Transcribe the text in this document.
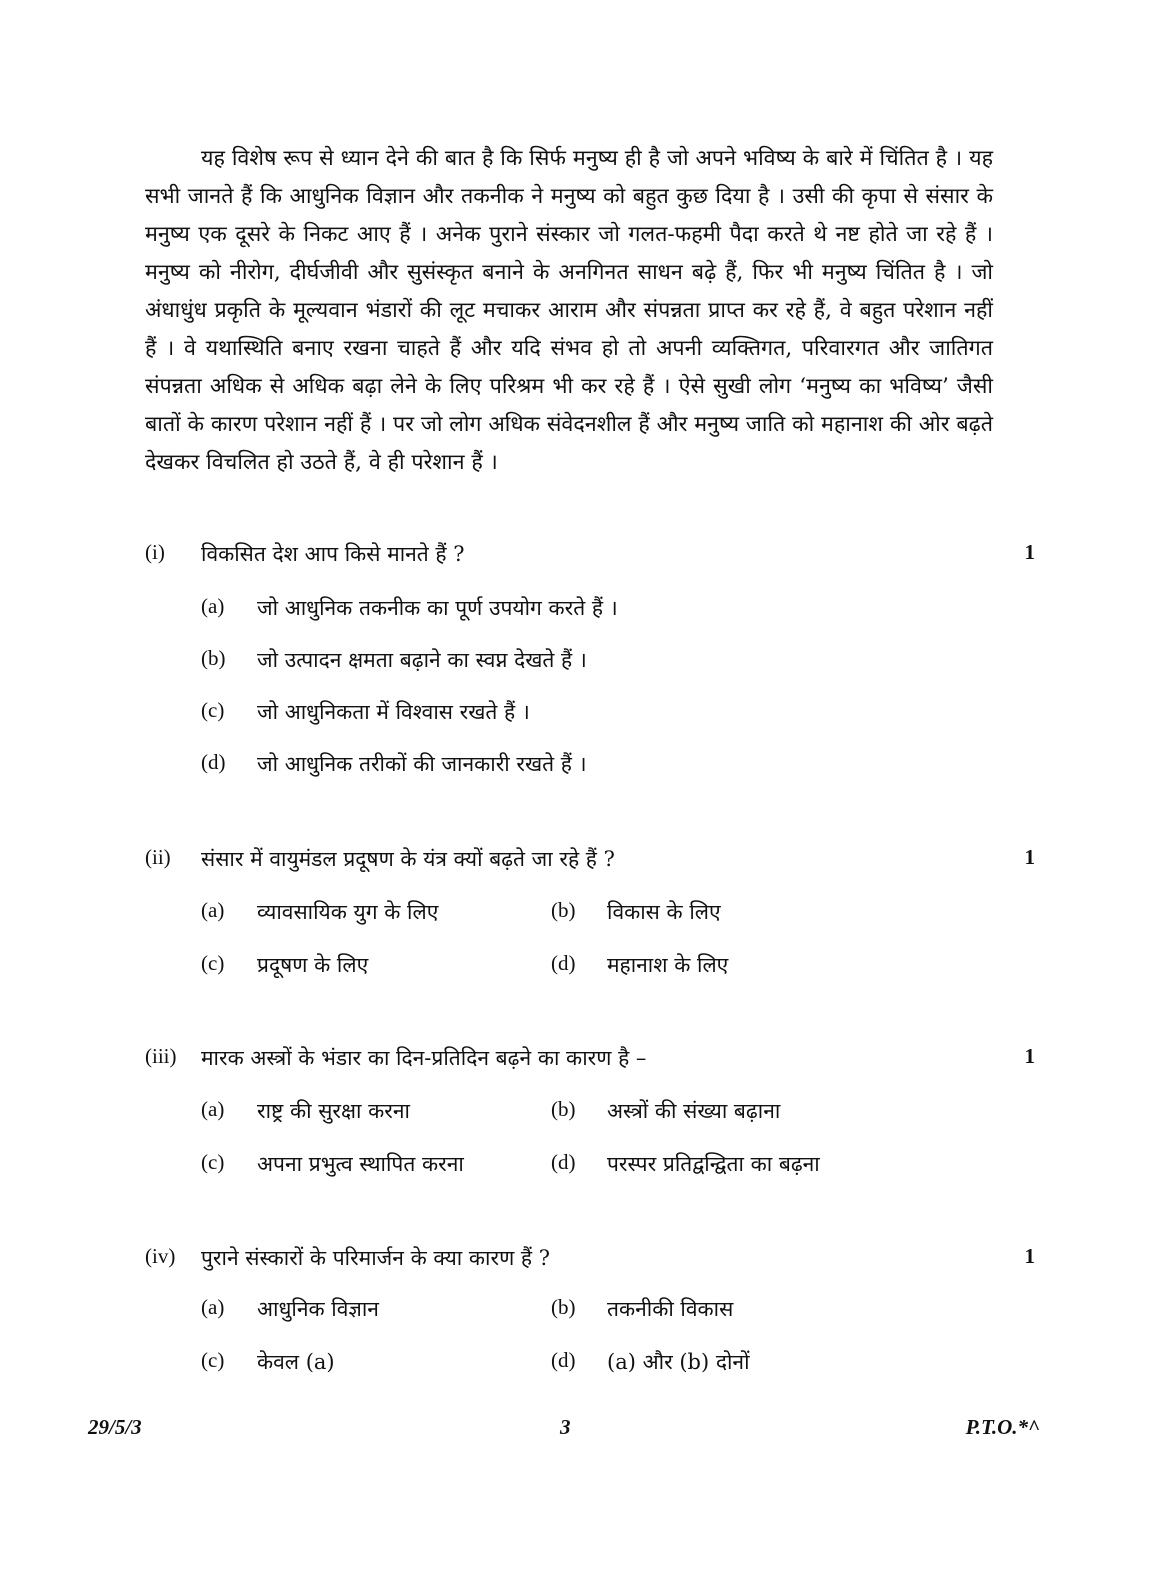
यह विशेष रूप से ध्यान देने की बात है कि सिर्फ मनुष्य ही है जो अपने भविष्य के बारे में चिंतित है । यह सभी जानते हैं कि आधुनिक विज्ञान और तकनीक ने मनुष्य को बहुत कुछ दिया है । उसी की कृपा से संसार के मनुष्य एक दूसरे के निकट आए हैं । अनेक पुराने संस्कार जो गलत-फहमी पैदा करते थे नष्ट होते जा रहे हैं । मनुष्य को नीरोग, दीर्घजीवी और सुसंस्कृत बनाने के अनगिनत साधन बढ़े हैं, फिर भी मनुष्य चिंतित है । जो अंधाधुंध प्रकृति के मूल्यवान भंडारों की लूट मचाकर आराम और संपन्नता प्राप्त कर रहे हैं, वे बहुत परेशान नहीं हैं । वे यथास्थिति बनाए रखना चाहते हैं और यदि संभव हो तो अपनी व्यक्तिगत, परिवारगत और जातिगत संपन्नता अधिक से अधिक बढ़ा लेने के लिए परिश्रम भी कर रहे हैं । ऐसे सुखी लोग ‘मनुष्य का भविष्य’ जैसी बातों के कारण परेशान नहीं हैं । पर जो लोग अधिक संवेदनशील हैं और मनुष्य जाति को महानाश की ओर बढ़ते देखकर विचलित हो उठते हैं, वे ही परेशान हैं ।

(i) विकसित देश आप किसे मानते हैं ?	1
(a) जो आधुनिक तकनीक का पूर्ण उपयोग करते हैं ।
(b) जो उत्पादन क्षमता बढ़ाने का स्वप्न देखते हैं ।
(c) जो आधुनिकता में विश्वास रखते हैं ।
(d) जो आधुनिक तरीकों की जानकारी रखते हैं ।
(ii) संसार में वायुमंडल प्रदूषण के यंत्र क्यों बढ़ते जा रहे हैं ?	1
(a) व्यावसायिक युग के लिए	(b) विकास के लिए
(c) प्रदूषण के लिए	(d) महानाश के लिए
(iii) मारक अस्त्रों के भंडार का दिन-प्रतिदिन बढ़ने का कारण है –	1
(a) राष्ट्र की सुरक्षा करना	(b) अस्त्रों की संख्या बढ़ाना
(c) अपना प्रभुत्व स्थापित करना	(d) परस्पर प्रतिद्वन्द्विता का बढ़ना
(iv) पुराने संस्कारों के परिमार्जन के क्या कारण हैं ?	1
(a) आधुनिक विज्ञान	(b) तकनीकी विकास
(c) केवल (a)	(d) (a) और (b) दोनों
29/5/3	3	P.T.O.*^
